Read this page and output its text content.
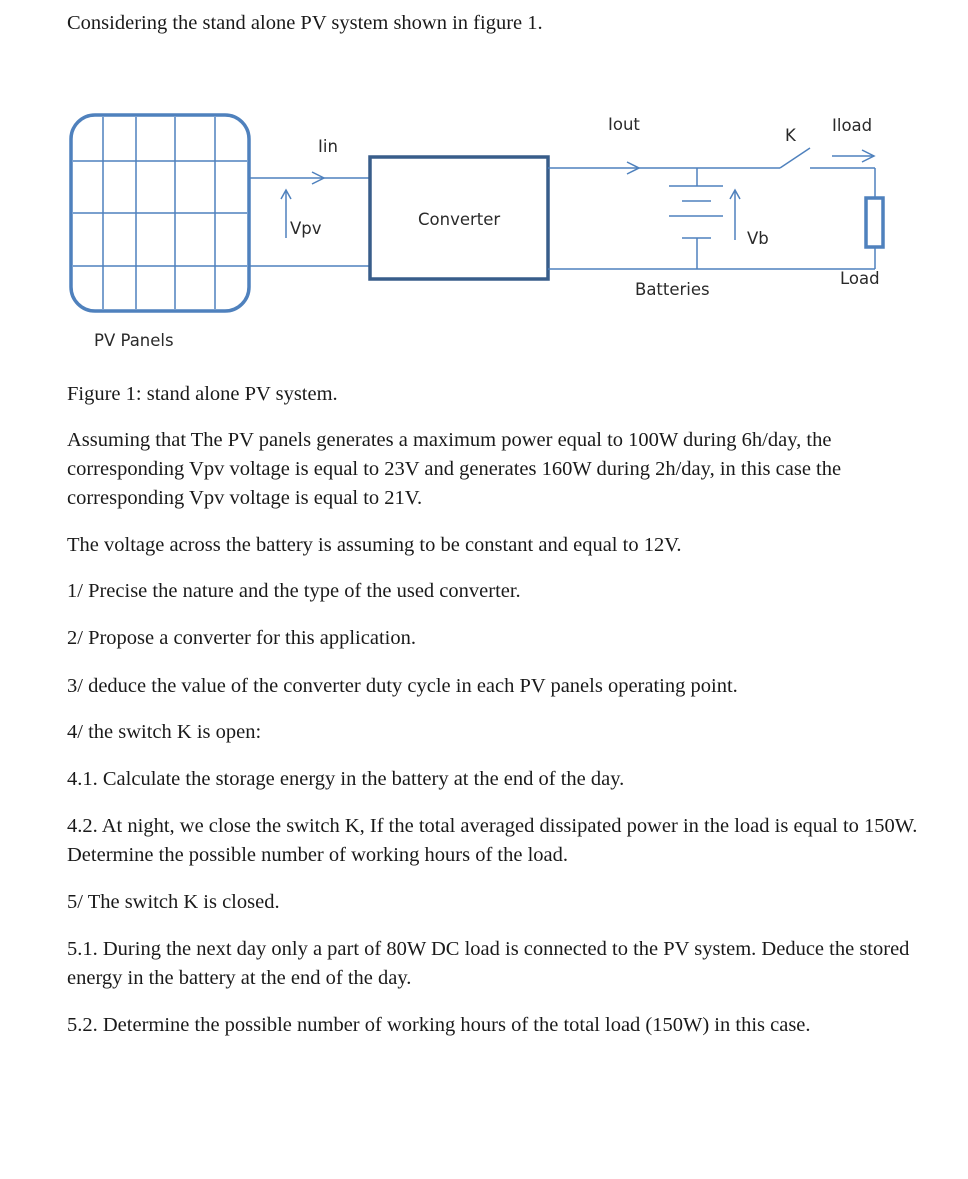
Considering the stand alone PV system shown in figure 1.
Iin
Vpv	Converter
Iout
K
Iload
Vb
Batteries
Load
PV Panels
Figure 1: stand alone PV system.
Assuming that The PV panels generates a maximum power equal to 100W during 6h/day, the corresponding Vpv voltage is equal to 23V and generates 160W during 2h/day, in this case the corresponding Vpv voltage is equal to 21V.
The voltage across the battery is assuming to be constant and equal to 12V.
1/ Precise the nature and the type of the used converter.
2/ Propose a converter for this application.
3/ deduce the value of the converter duty cycle in each PV panels operating point.
4/ the switch K is open:
4.1. Calculate the storage energy in the battery at the end of the day.
4.2. At night, we close the switch K, If the total averaged dissipated power in the load is equal to 150W. Determine the possible number of working hours of the load.
5/ The switch K is closed.
5.1. During the next day only a part of 80W DC load is connected to the PV system. Deduce the stored energy in the battery at the end of the day.
5.2. Determine the possible number of working hours of the total load (150W) in this case.
